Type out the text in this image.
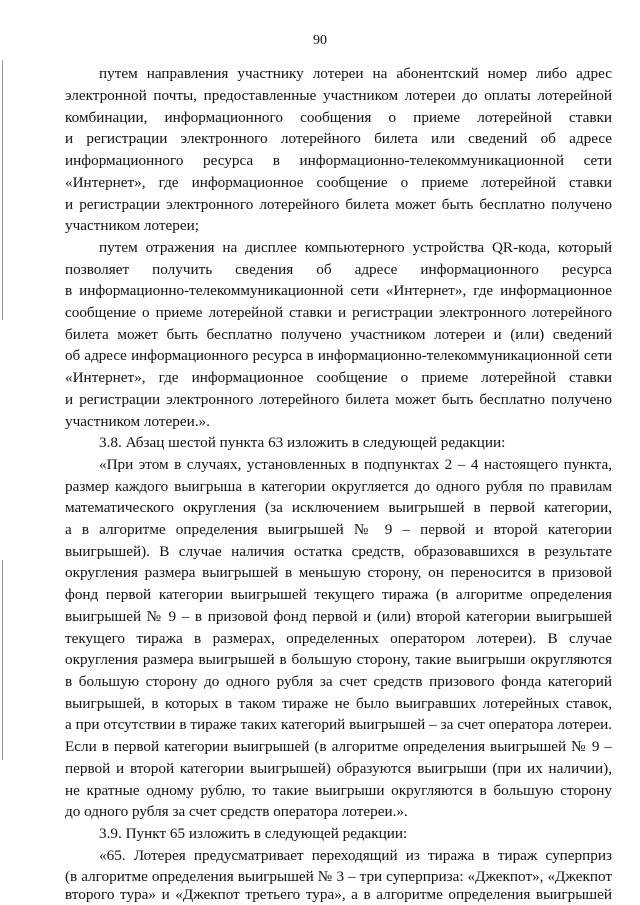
90
путем направления участнику лотереи на абонентский номер либо адрес
электронной почты, предоставленные участником лотереи до оплаты лотерейной
комбинации, информационного сообщения о приеме лотерейной ставки
и регистрации электронного лотерейного билета или сведений об адресе
информационного ресурса в информационно-телекоммуникационной сети
«Интернет», где информационное сообщение о приеме лотерейной ставки
и регистрации электронного лотерейного билета может быть бесплатно получено
участником лотереи;
путем отражения на дисплее компьютерного устройства QR-кода, который
позволяет получить сведения об адресе информационного ресурса
в информационно-телекоммуникационной сети «Интернет», где информационное
сообщение о приеме лотерейной ставки и регистрации электронного лотерейного
билета может быть бесплатно получено участником лотереи и (или) сведений
об адресе информационного ресурса в информационно-телекоммуникационной сети
«Интернет», где информационное сообщение о приеме лотерейной ставки
и регистрации электронного лотерейного билета может быть бесплатно получено
участником лотереи.».
3.8. Абзац шестой пункта 63 изложить в следующей редакции:
«При этом в случаях, установленных в подпунктах 2 – 4 настоящего пункта,
размер каждого выигрыша в категории округляется до одного рубля по правилам
математического округления (за исключением выигрышей в первой категории,
а в алгоритме определения выигрышей № 9 – первой и второй категории
выигрышей). В случае наличия остатка средств, образовавшихся в результате
округления размера выигрышей в меньшую сторону, он переносится в призовой
фонд первой категории выигрышей текущего тиража (в алгоритме определения
выигрышей № 9 – в призовой фонд первой и (или) второй категории выигрышей
текущего тиража в размерах, определенных оператором лотереи). В случае
округления размера выигрышей в большую сторону, такие выигрыши округляются
в большую сторону до одного рубля за счет средств призового фонда категорий
выигрышей, в которых в таком тираже не было выигравших лотерейных ставок,
а при отсутствии в тираже таких категорий выигрышей – за счет оператора лотереи.
Если в первой категории выигрышей (в алгоритме определения выигрышей № 9 –
первой и второй категории выигрышей) образуются выигрыши (при их наличии),
не кратные одному рублю, то такие выигрыши округляются в большую сторону
до одного рубля за счет средств оператора лотереи.».
3.9. Пункт 65 изложить в следующей редакции:
«65. Лотерея предусматривает переходящий из тиража в тираж суперприз
(в алгоритме определения выигрышей № 3 – три суперприза: «Джекпот», «Джекпот
второго тура» и «Джекпот третьего тура», а в алгоритме определения выигрышей
